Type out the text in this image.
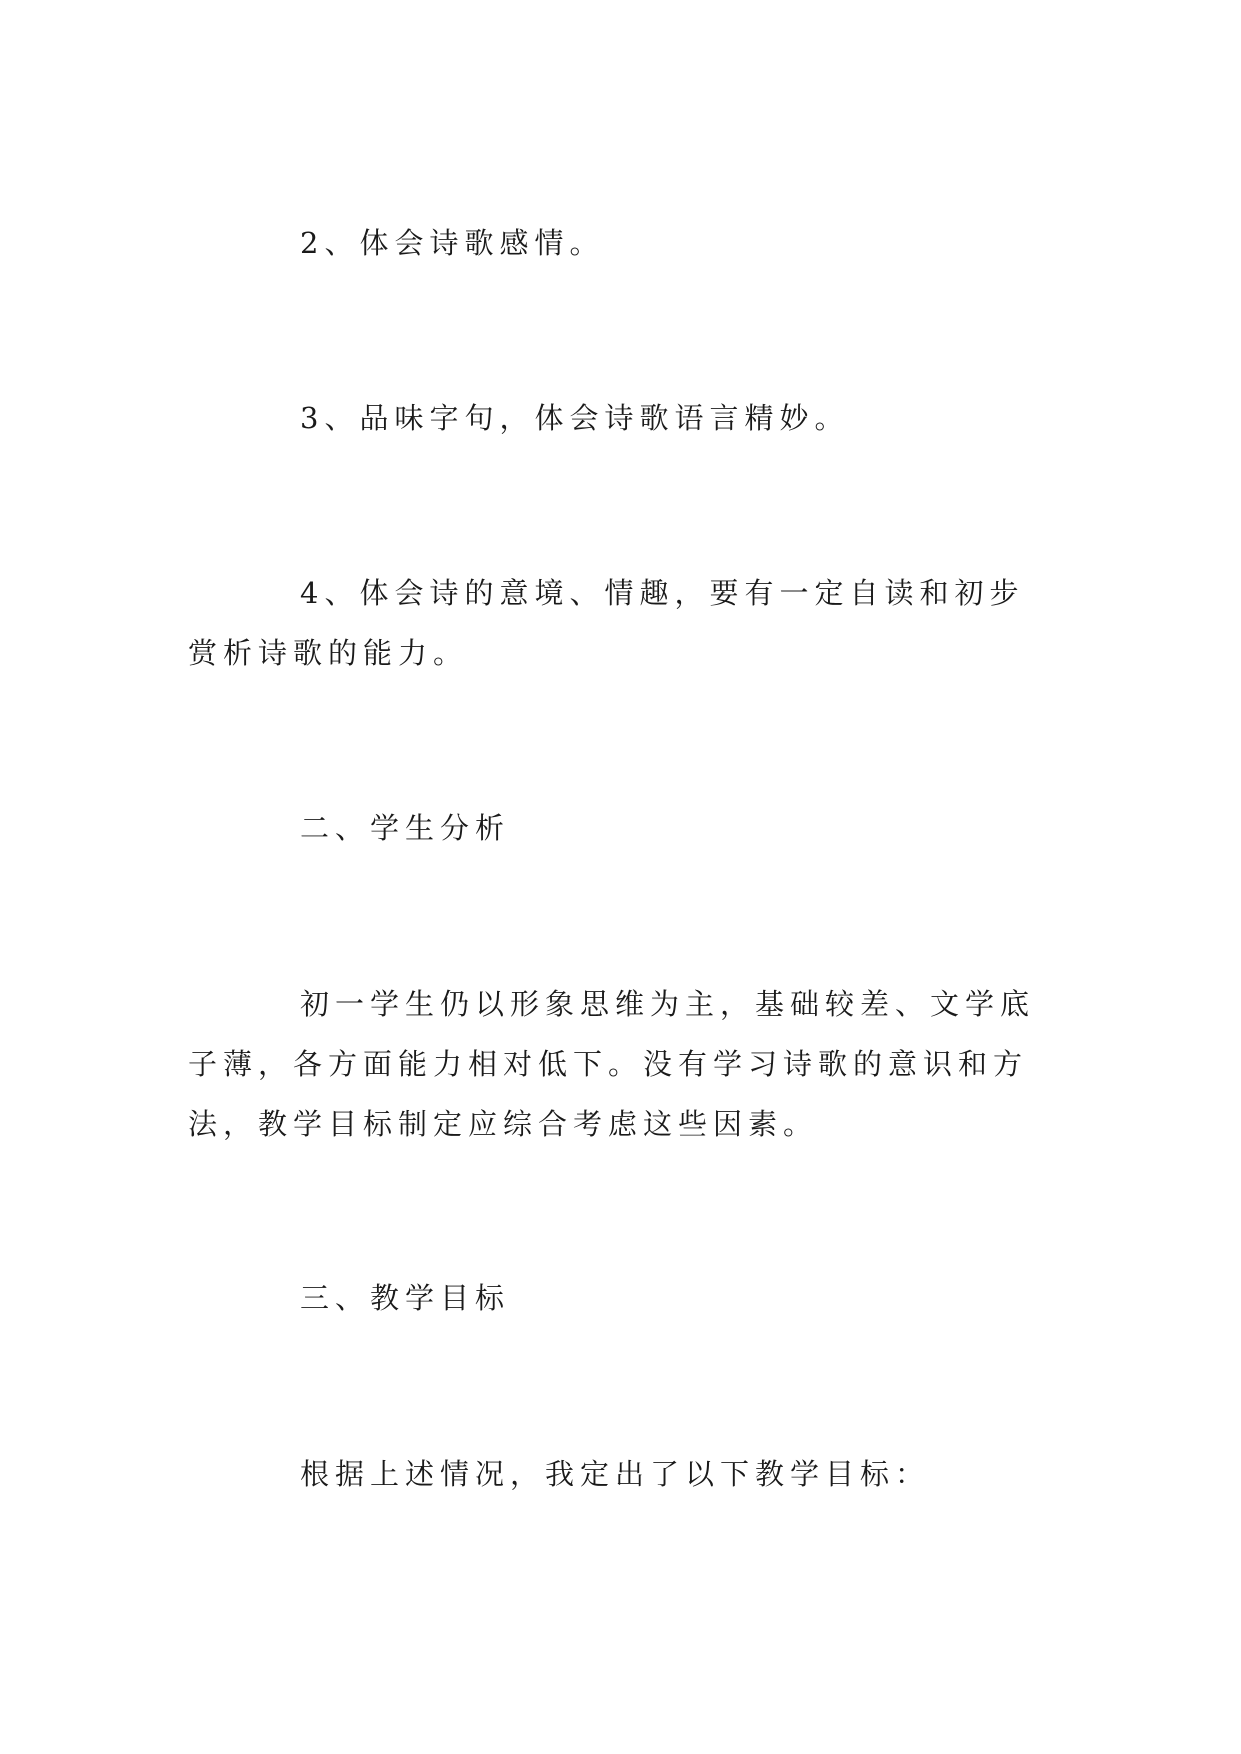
2、体会诗歌感情。

3、品味字句，体会诗歌语言精妙。

4、体会诗的意境、情趣，要有一定自读和初步赏析诗歌的能力。

二、学生分析

初一学生仍以形象思维为主，基础较差、文学底子薄，各方面能力相对低下。没有学习诗歌的意识和方法，教学目标制定应综合考虑这些因素。

三、教学目标

根据上述情况，我定出了以下教学目标：
